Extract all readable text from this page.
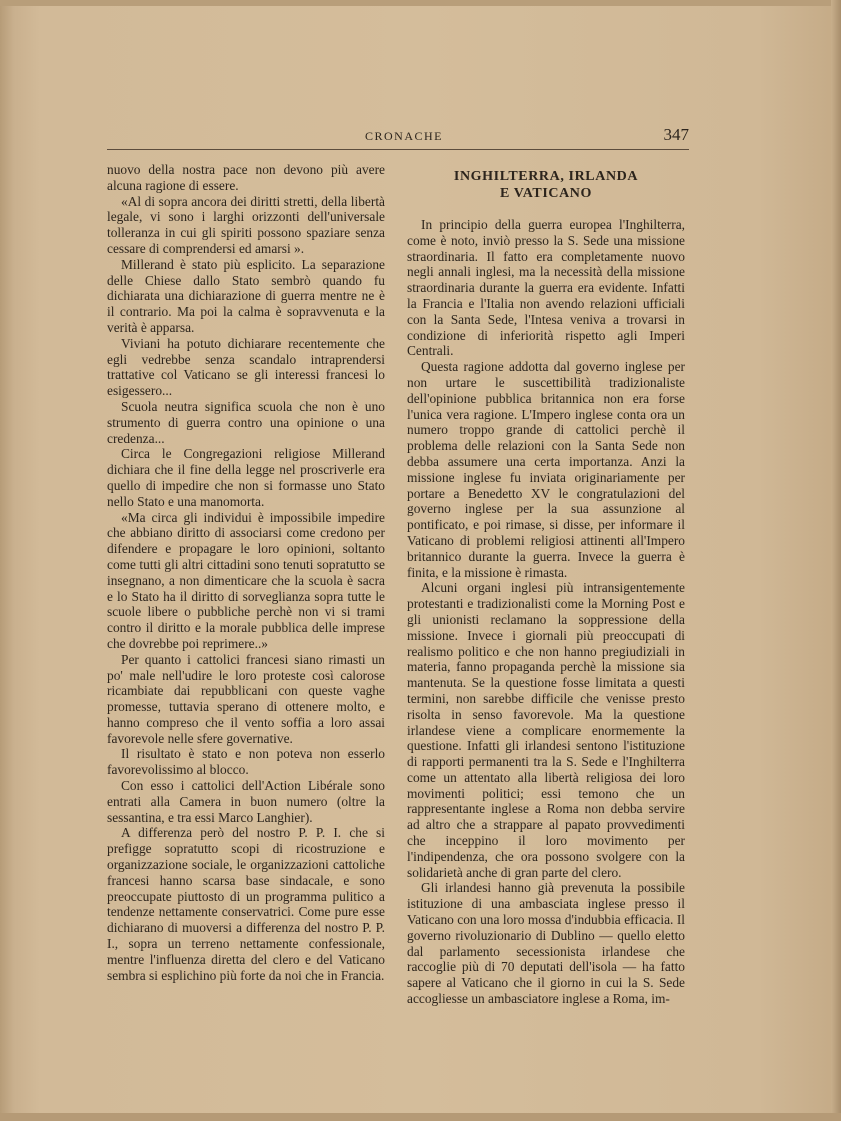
CRONACHE	347

nuovo della nostra pace non devono più avere alcuna ragione di essere.

«Al di sopra ancora dei diritti stretti, della libertà legale, vi sono i larghi orizzonti dell'universale tolleranza in cui gli spiriti possono spaziare senza cessare di comprendersi ed amarsi ».

Millerand è stato più esplicito. La separazione delle Chiese dallo Stato sembrò quando fu dichiarata una dichiarazione di guerra mentre ne è il contrario. Ma poi la calma è sopravvenuta e la verità è apparsa.

Viviani ha potuto dichiarare recentemente che egli vedrebbe senza scandalo intraprendersi trattative col Vaticano se gli interessi francesi lo esigessero...

Scuola neutra significa scuola che non è uno strumento di guerra contro una opinione o una credenza...

Circa le Congregazioni religiose Millerand dichiara che il fine della legge nel proscriverle era quello di impedire che non si formasse uno Stato nello Stato e una manomorta.

«Ma circa gli individui è impossibile impedire che abbiano diritto di associarsi come credono per difendere e propagare le loro opinioni, soltanto come tutti gli altri cittadini sono tenuti sopratutto se insegnano, a non dimenticare che la scuola è sacra e lo Stato ha il diritto di sorveglianza sopra tutte le scuole libere o pubbliche perchè non vi si trami contro il diritto e la morale pubblica delle imprese che dovrebbe poi reprimere..»

Per quanto i cattolici francesi siano rimasti un po' male nell'udire le loro proteste così calorose ricambiate dai repubblicani con queste vaghe promesse, tuttavia sperano di ottenere molto, e hanno compreso che il vento soffia a loro assai favorevole nelle sfere governative.

Il risultato è stato e non poteva non esserlo favorevolissimo al blocco.

Con esso i cattolici dell'Action Libérale sono entrati alla Camera in buon numero (oltre la sessantina, e tra essi Marco Langhier).

A differenza però del nostro P. P. I. che si prefigge sopratutto scopi di ricostruzione e organizzazione sociale, le organizzazioni cattoliche francesi hanno scarsa base sindacale, e sono preoccupate piuttosto di un programma pulitico a tendenze nettamente conservatrici. Come pure esse dichiarano di muoversi a differenza del nostro P. P. I., sopra un terreno nettamente confessionale, mentre l'influenza diretta del clero e del Vaticano sembra si esplichino più forte da noi che in Francia.

INGHILTERRA, IRLANDA
E VATICANO

In principio della guerra europea l'Inghilterra, come è noto, inviò presso la S. Sede una missione straordinaria. Il fatto era completamente nuovo negli annali inglesi, ma la necessità della missione straordinaria durante la guerra era evidente. Infatti la Francia e l'Italia non avendo relazioni ufficiali con la Santa Sede, l'Intesa veniva a trovarsi in condizione di inferiorità rispetto agli Imperi Centrali.

Questa ragione addotta dal governo inglese per non urtare le suscettibilità tradizionaliste dell'opinione pubblica britannica non era forse l'unica vera ragione. L'Impero inglese conta ora un numero troppo grande di cattolici perchè il problema delle relazioni con la Santa Sede non debba assumere una certa importanza. Anzi la missione inglese fu inviata originariamente per portare a Benedetto XV le congratulazioni del governo inglese per la sua assunzione al pontificato, e poi rimase, si disse, per informare il Vaticano di problemi religiosi attinenti all'Impero britannico durante la guerra. Invece la guerra è finita, e la missione è rimasta.

Alcuni organi inglesi più intransigentemente protestanti e tradizionalisti come la Morning Post e gli unionisti reclamano la soppressione della missione. Invece i giornali più preoccupati di realismo politico e che non hanno pregiudiziali in materia, fanno propaganda perchè la missione sia mantenuta. Se la questione fosse limitata a questi termini, non sarebbe difficile che venisse presto risolta in senso favorevole. Ma la questione irlandese viene a complicare enormemente la questione. Infatti gli irlandesi sentono l'istituzione di rapporti permanenti tra la S. Sede e l'Inghilterra come un attentato alla libertà religiosa dei loro movimenti politici; essi temono che un rappresentante inglese a Roma non debba servire ad altro che a strappare al papato provvedimenti che inceppino il loro movimento per l'indipendenza, che ora possono svolgere con la solidarietà anche di gran parte del clero.

Gli irlandesi hanno già prevenuta la possibile istituzione di una ambasciata inglese presso il Vaticano con una loro mossa d'indubbia efficacia. Il governo rivoluzionario di Dublino — quello eletto dal parlamento secessionista irlandese che raccoglie più di 70 deputati dell'isola — ha fatto sapere al Vaticano che il giorno in cui la S. Sede accogliesse un ambasciatore inglese a Roma, im-
